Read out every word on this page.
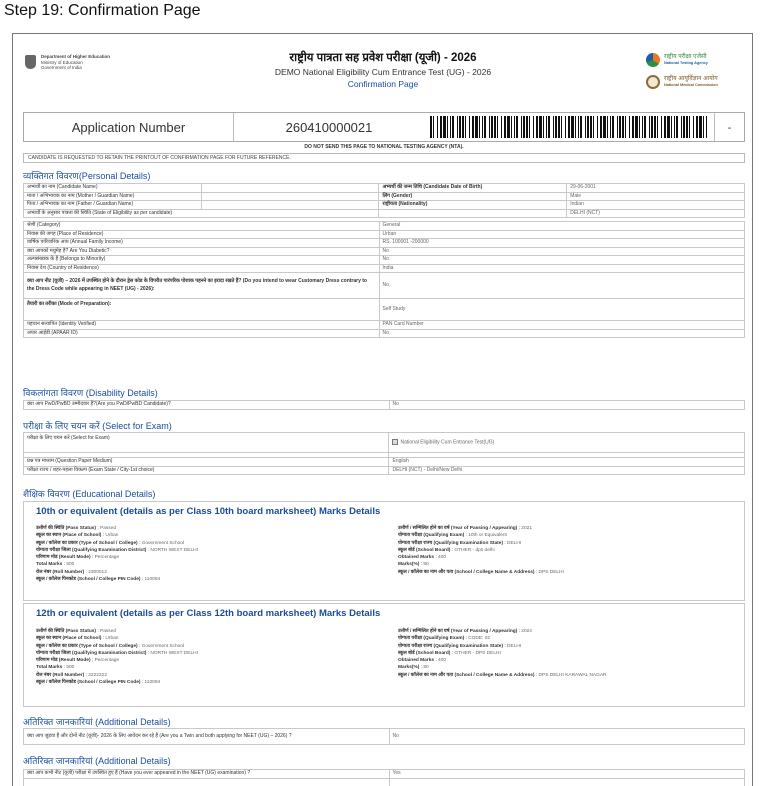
Step 19: Confirmation Page
Department of Higher Education
Ministry of Education
Government of India
राष्ट्रीय पात्रता सह प्रवेश परीक्षा (यूजी) - 2026
DEMO National Eligibility Cum Entrance Test (UG) - 2026
Confirmation Page
राष्ट्रीय परीक्षा एजेंसी
National Testing Agency
राष्ट्रीय आयुर्विज्ञान आयोग
National Medical Commission
Application Number	260410000021	-
DO NOT SEND THIS PAGE TO NATIONAL TESTING AGENCY (NTA).
CANDIDATE IS REQUESTED TO RETAIN THE PRINTOUT OF CONFIRMATION PAGE FOR FUTURE REFERENCE.
व्यक्तिगत विवरण(Personal Details)
अभ्यर्थी का नाम (Candidate Name)		अभ्यर्थी की जन्म तिथि (Candidate Date of Birth)	29-06-2001
माता / अभिभावक का नाम (Mother / Guardian Name)		लिंग (Gender)	Male
पिता / अभिभावक का नाम (Father / Guardian Name)		राष्ट्रीयता (Nationality)	Indian
अभ्यर्थी के अनुसार पात्रता की स्थिति (State of Eligibility as per candidate)			DELHI (NCT)
श्रेणी (Category)	General
निवास की जगह (Place of Residence)	Urban
वार्षिक पारिवारिक आय (Annual Family Income)	RS. 100001 -200000
क्या आपको मधुमेह है? Are You Diabetic?	No
अल्पसंख्यक के हैं (Belongs to Minority)	No
निवास देश (Country of Residence)	India
क्या आप नीट (यूजी) – 2026 में उपस्थित होने के दौरान ड्रेस कोड के विपरीत पारंपरिक पोशाक पहनने का इरादा रखते हैं? (Do you intend to wear Customary Dress contrary to the Dress Code while appearing in NEET (UG) - 2026):	No
तैयारी का तरीका (Mode of Preparation):	Self Study
पहचान सत्यापित (Identity Verified)	PAN Card Number
अपार आईडी (APAAR ID)	No
विकलांगता विवरण (Disability Details)
क्या आप PwD/PwBD उम्मीदवार हैं?(Are you PwD/PwBD Candidate)?	No
परीक्षा के लिए चयन करें (Select for Exam)
परीक्षा के लिए चयन करें (Select for Exam)	National Eligibility Cum Entrance Test(UG)

प्रश्न पत्र माध्यम (Question Paper Medium)	English
परीक्षा राज्य / शहर-पहला विकल्प (Exam State / City-1st choice)	DELHI (NCT) - Delhi/New Delhi
शैक्षिक विवरण (Educational Details)
10th or equivalent (details as per Class 10th board marksheet) Marks Details
उत्तीर्ण की स्थिति (Pass Status) : Passed
स्कूल का स्थान (Place of School) : Urban
स्कूल / कॉलेज का प्रकार (Type of School / College) : Government School
योग्यता परीक्षा जिला (Qualifying Examination District) : NORTH WEST DELHI
परिणाम मोड (Result Mode) : Percentage
Total Marks : 500
रोल नंबर (Roll Number) : 2300012
स्कूल / कॉलेज पिनकोड (School / College PIN Code) : 110094
उत्तीर्ण / सम्मिलित होने का वर्ष (Year of Passing / Appearing) : 2021
योग्यता परीक्षा (Qualifying Exam) : 10th or Equivalent
योग्यता परीक्षा राज्य (Qualifying Examination State) : DELHI
स्कूल बोर्ड (School Board) : OTHER - dps delhi
Obtained Marks : 400
Marks(%) : 80
स्कूल / कॉलेज का नाम और पता (School / College Name & Address) : DPS DELHI
12th or equivalent (details as per Class 12th board marksheet) Marks Details
उत्तीर्ण की स्थिति (Pass Status) : Passed
स्कूल का स्थान (Place of School) : Urban
स्कूल / कॉलेज का प्रकार (Type of School / College) : Government School
योग्यता परीक्षा जिला (Qualifying Examination District) : NORTH WEST DELHI
परिणाम मोड (Result Mode) : Percentage
Total Marks : 500
रोल नंबर (Roll Number) : 2222222
स्कूल / कॉलेज पिनकोड (School / College PIN Code) : 110094
उत्तीर्ण / सम्मिलित होने का वर्ष (Year of Passing / Appearing) : 2024
योग्यता परीक्षा (Qualifying Exam) : CODE: 02
योग्यता परीक्षा राज्य (Qualifying Examination State) : DELHI
स्कूल बोर्ड (School Board) : OTHER - DPS DELHI
Obtained Marks : 400
Marks(%) : 80
स्कूल / कॉलेज का नाम और पता (School / College Name & Address) : DPS DELHI KARAWAL NAGAR
अतिरिक्त जानकारियां (Additional Details)
क्या आप जुड़वा हैं और दोनों नीट (यूजी)- 2026 के लिए आवेदन कर रहे हैं (Are you a Twin and both applying for NEET (UG) – 2026) ?	No
अतिरिक्त जानकारियां (Additional Details)
क्या आप कभी नीट (यूजी) परीक्षा में उपस्थित हुए हैं (Have you ever appeared in the NEET (UG) examination) ?	Yes
